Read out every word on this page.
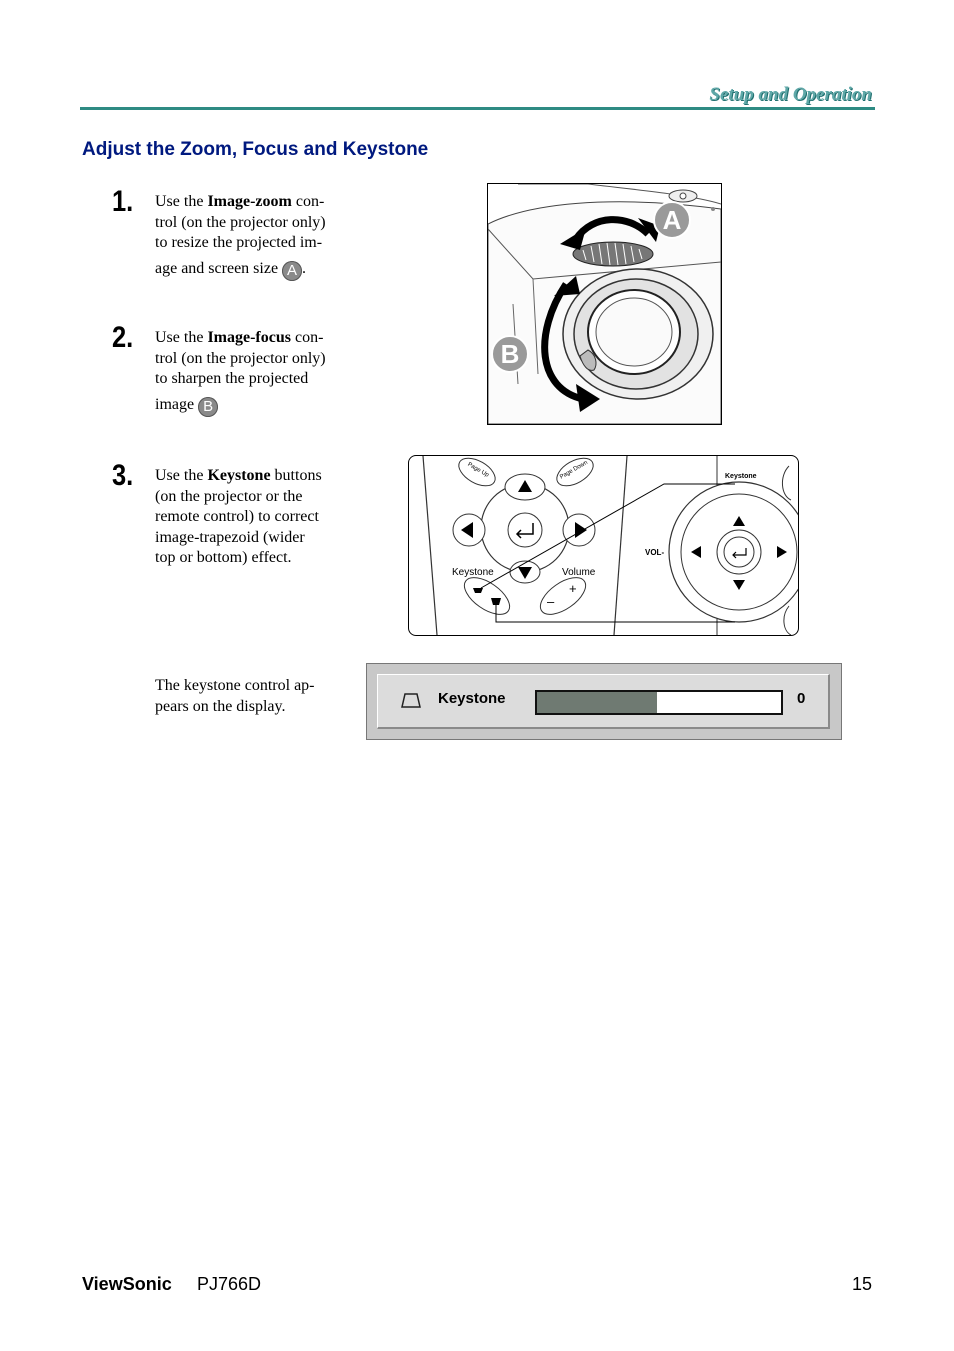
Setup and Operation
Adjust the Zoom, Focus and Keystone
1. Use the Image-zoom con-
trol (on the projector only)
to resize the projected im-
age and screen size A .
2. Use the Image-focus con-
trol (on the projector only)
to sharpen the projected
image B
3. Use the Keystone buttons
(on the projector or the
remote control) to correct
image-trapezoid (wider
top or bottom) effect.
The keystone control ap-
pears on the display.
A
B
Page Up	Page Down
Keystone	Volume
+
–
Keystone
VOL-
Keystone	0
ViewSonic PJ766D	15
